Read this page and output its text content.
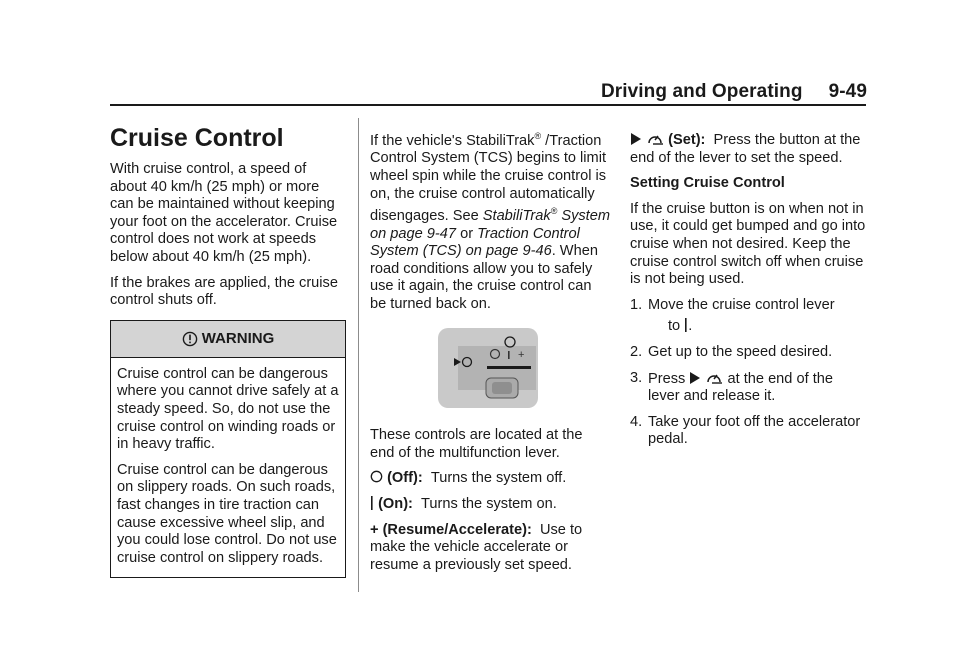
Driving and Operating 9-49
Cruise Control

With cruise control, a speed of about 40 km/h (25 mph) or more can be maintained without keeping your foot on the accelerator. Cruise control does not work at speeds below about 40 km/h (25 mph).

If the brakes are applied, the cruise control shuts off.

WARNING

Cruise control can be dangerous where you cannot drive safely at a steady speed. So, do not use the cruise control on winding roads or in heavy traffic.

Cruise control can be dangerous on slippery roads. On such roads, fast changes in tire traction can cause excessive wheel slip, and you could lose control. Do not use cruise control on slippery roads.

If the vehicle's StabiliTrak® /Traction Control System (TCS) begins to limit wheel spin while the cruise control is on, the cruise control automatically disengages. See StabiliTrak® System on page 9-47 or Traction Control System (TCS) on page 9-46. When road conditions allow you to safely use it again, the cruise control can be turned back on.

+

These controls are located at the end of the multifunction lever.

(Off): Turns the system off.

(On): Turns the system on.

+ (Resume/Accelerate): Use to make the vehicle accelerate or resume a previously set speed.

(Set): Press the button at the end of the lever to set the speed.

Setting Cruise Control

If the cruise button is on when not in use, it could get bumped and go into cruise when not desired. Keep the cruise control switch off when cruise is not being used.

1. Move the cruise control lever
to .
2. Get up to the speed desired.
3. Press	at the end of the lever and release it.
4. Take your foot off the accelerator pedal.
